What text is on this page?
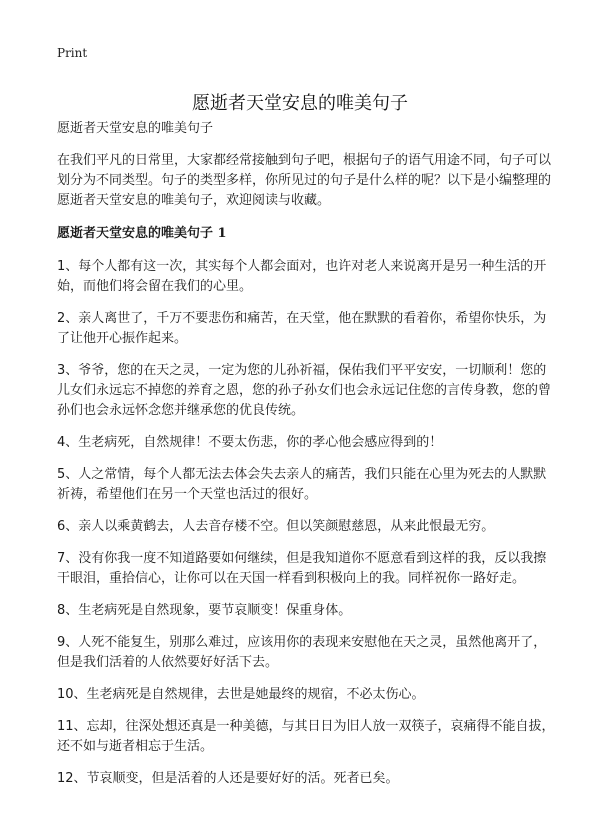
Print
愿逝者天堂安息的唯美句子

愿逝者天堂安息的唯美句子

在我们平凡的日常里，大家都经常接触到句子吧，根据句子的语气用途不同，句子可以划分为不同类型。句子的类型多样，你所见过的句子是什么样的呢？以下是小编整理的愿逝者天堂安息的唯美句子，欢迎阅读与收藏。

愿逝者天堂安息的唯美句子 1

1、每个人都有这一次，其实每个人都会面对，也许对老人来说离开是另一种生活的开始，而他们将会留在我们的心里。

2、亲人离世了，千万不要悲伤和痛苦，在天堂，他在默默的看着你，希望你快乐，为了让他开心振作起来。

3、爷爷，您的在天之灵，一定为您的儿孙祈福，保佑我们平平安安，一切顺利！您的儿女们永远忘不掉您的养育之恩，您的孙子孙女们也会永远记住您的言传身教，您的曾孙们也会永远怀念您并继承您的优良传统。

4、生老病死，自然规律！不要太伤悲，你的孝心他会感应得到的！

5、人之常情，每个人都无法去体会失去亲人的痛苦，我们只能在心里为死去的人默默祈祷，希望他们在另一个天堂也活过的很好。

6、亲人以乘黄鹤去，人去音存楼不空。但以笑颜慰慈恩，从来此恨最无穷。

7、没有你我一度不知道路要如何继续，但是我知道你不愿意看到这样的我，反以我擦干眼泪，重拾信心，让你可以在天国一样看到积极向上的我。同样祝你一路好走。

8、生老病死是自然现象，要节哀顺变！保重身体。

9、人死不能复生，别那么难过，应该用你的表现来安慰他在天之灵，虽然他离开了，但是我们活着的人依然要好好活下去。

10、生老病死是自然规律，去世是她最终的规宿，不必太伤心。

11、忘却，往深处想还真是一种美德，与其日日为旧人放一双筷子，哀痛得不能自拔，还不如与逝者相忘于生活。

12、节哀顺变，但是活着的人还是要好好的活。死者已矣。
